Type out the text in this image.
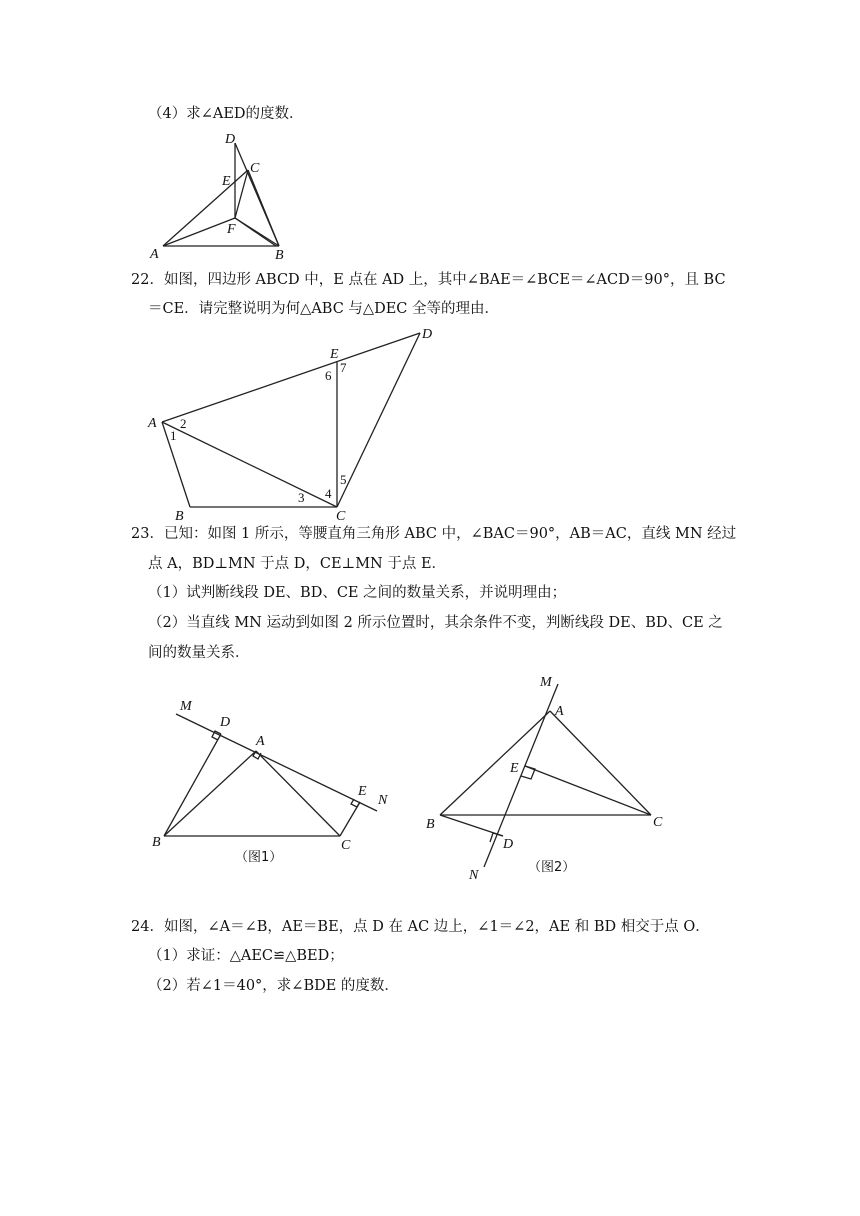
（4）求∠AED的度数．
D
C
E
F
A	B
22．如图，四边形 ABCD 中，E 点在 AD 上，其中∠BAE＝∠BCE＝∠ACD＝90°，且 BC
＝CE．请完整说明为何△ABC 与△DEC 全等的理由．
A
B	C
D
E
1
2
3 4
5
6
7
23．已知：如图 1 所示，等腰直角三角形 ABC 中，∠BAC＝90°，AB＝AC，直线 MN 经过
点 A，BD⊥MN 于点 D，CE⊥MN 于点 E．
（1）试判断线段 DE、BD、CE 之间的数量关系，并说明理由；
（2）当直线 MN 运动到如图 2 所示位置时，其余条件不变，判断线段 DE、BD、CE 之
间的数量关系．
M
D
A
E
N
B	C
（图1）
M
A
E
B	C
D
N
（图2）
24．如图，∠A＝∠B，AE＝BE，点 D 在 AC 边上，∠1＝∠2，AE 和 BD 相交于点 O．
（1）求证：△AEC≌△BED；
（2）若∠1＝40°，求∠BDE 的度数．
